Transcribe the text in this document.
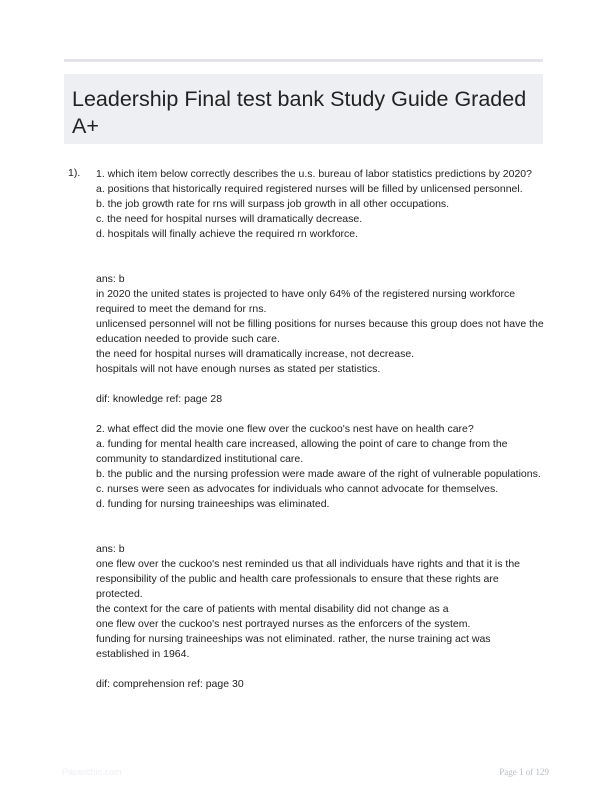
Leadership Final test bank Study Guide Graded A+
1). 1. which item below correctly describes the u.s. bureau of labor statistics predictions by 2020?

a. positions that historically required registered nurses will be filled by unlicensed personnel.

b. the job growth rate for rns will surpass job growth in all other occupations.

c. the need for hospital nurses will dramatically decrease.

d. hospitals will finally achieve the required rn workforce.

ans: b

in 2020 the united states is projected to have only 64% of the registered nursing workforce required to meet the demand for rns.

unlicensed personnel will not be filling positions for nurses because this group does not have the education needed to provide such care.

the need for hospital nurses will dramatically increase, not decrease.

hospitals will not have enough nurses as stated per statistics.

dif: knowledge ref: page 28

2. what effect did the movie one flew over the cuckoo's nest have on health care?

a. funding for mental health care increased, allowing the point of care to change from the community to standardized institutional care.

b. the public and the nursing profession were made aware of the right of vulnerable populations.

c. nurses were seen as advocates for individuals who cannot advocate for themselves.

d. funding for nursing traineeships was eliminated.

ans: b

one flew over the cuckoo's nest reminded us that all individuals have rights and that it is the responsibility of the public and health care professionals to ensure that these rights are protected.

the context for the care of patients with mental disability did not change as a

one flew over the cuckoo's nest portrayed nurses as the enforcers of the system.

funding for nursing traineeships was not eliminated. rather, the nurse training act was established in 1964.

dif: comprehension ref: page 30

Paperithic.com	Page 1 of 129
